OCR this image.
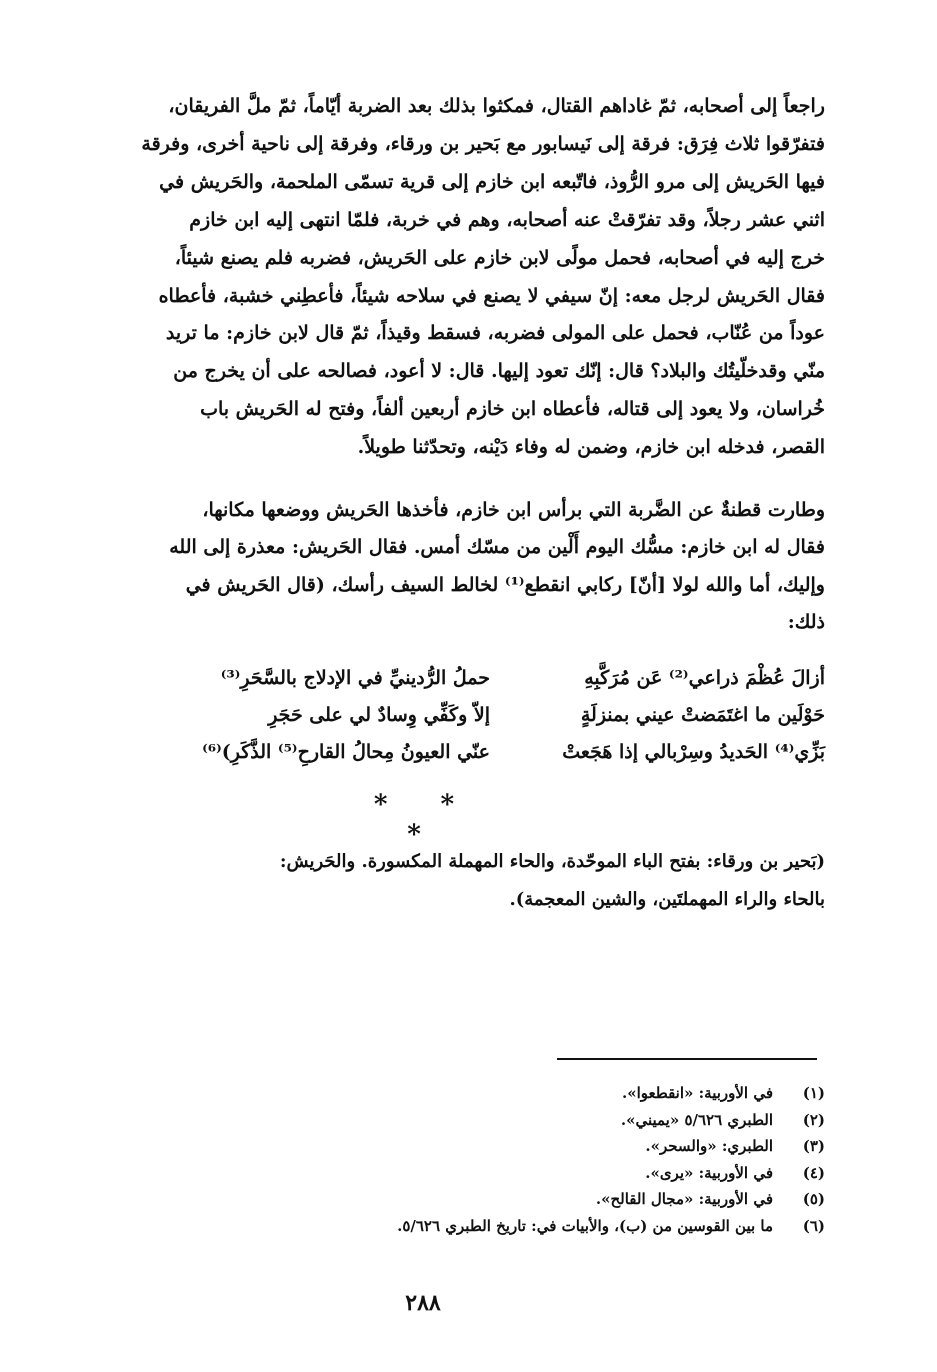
راجعاً إلى أصحابه، ثمّ غاداهم القتال، فمكثوا بذلك بعد الضربة أيّاماً، ثمّ ملَّ الفريقان،
فتفرّقوا ثلاث فِرَق: فرقة إلى نَيسابور مع بَحير بن ورقاء، وفرقة إلى ناحية أخرى، وفرقة
فيها الحَريش إلى مرو الرُّوذ، فاتّبعه ابن خازم إلى قرية تسمّى الملحمة، والحَريش في
اثني عشر رجلاً، وقد تفرّقتْ عنه أصحابه، وهم في خربة، فلمّا انتهى إليه ابن خازم
خرج إليه في أصحابه، فحمل مولًى لابن خازم على الحَريش، فضربه فلم يصنع شيئاً،
فقال الحَريش لرجل معه: إنّ سيفي لا يصنع في سلاحه شيئاً، فأعطِني خشبة، فأعطاه
عوداً من عُنّاب، فحمل على المولى فضربه، فسقط وقيذاً، ثمّ قال لابن خازم: ما تريد
منّي وقدخلّيتُك والبلاد؟ قال: إنّك تعود إليها. قال: لا أعود، فصالحه على أن يخرج من
خُراسان، ولا يعود إلى قتاله، فأعطاه ابن خازم أربعين ألفاً، وفتح له الحَريش باب
القصر، فدخله ابن خازم، وضمن له وفاء دَيْنه، وتحدّثنا طويلاً.
وطارت قطنةٌ عن الضَّربة التي برأس ابن خازم، فأخذها الحَريش ووضعها مكانها،
فقال له ابن خازم: مسُّك اليوم أَلْين من مسّك أمس. فقال الحَريش: معذرة إلى الله
وإليك، أما والله لولا [أنّ] ركابي انقطع⁽¹⁾ لخالط السيف رأسك، (قال الحَريش في
ذلك:
أزالَ عُظْمَ ذراعي⁽²⁾ عَن مُرَكَّبِهِ
حملُ الرُّدينيِّ في الإدلاج بالسَّحَرِ⁽³⁾
حَوْلَين ما اغتَمَضتْ عيني بمنزلَةٍ
إلاّ وكَفِّي وِسادٌ لي على حَجَرِ
بَزِّي⁽⁴⁾ الحَديدُ وسِرْبالي إذا هَجَعتْ
عنّي العيونُ مِحالُ القارحِ⁽⁵⁾ الذَّكَرِ)⁽⁶⁾
* * *
(بَحير بن ورقاء: بفتح الباء الموحّدة، والحاء المهملة المكسورة. والحَريش:
بالحاء والراء المهملتَين، والشين المعجمة).
(١)
في الأوربية: «انقطعوا».
(٢)
الطبري ٥/٦٢٦ «يميني».
(٣)
الطبري: «والسحر».
(٤)
في الأوربية: «يرى».
(٥)
في الأوربية: «مجال القالح».
(٦)
ما بين القوسين من (ب)، والأبيات في: تاريخ الطبري ٥/٦٢٦.
٢٨٨
